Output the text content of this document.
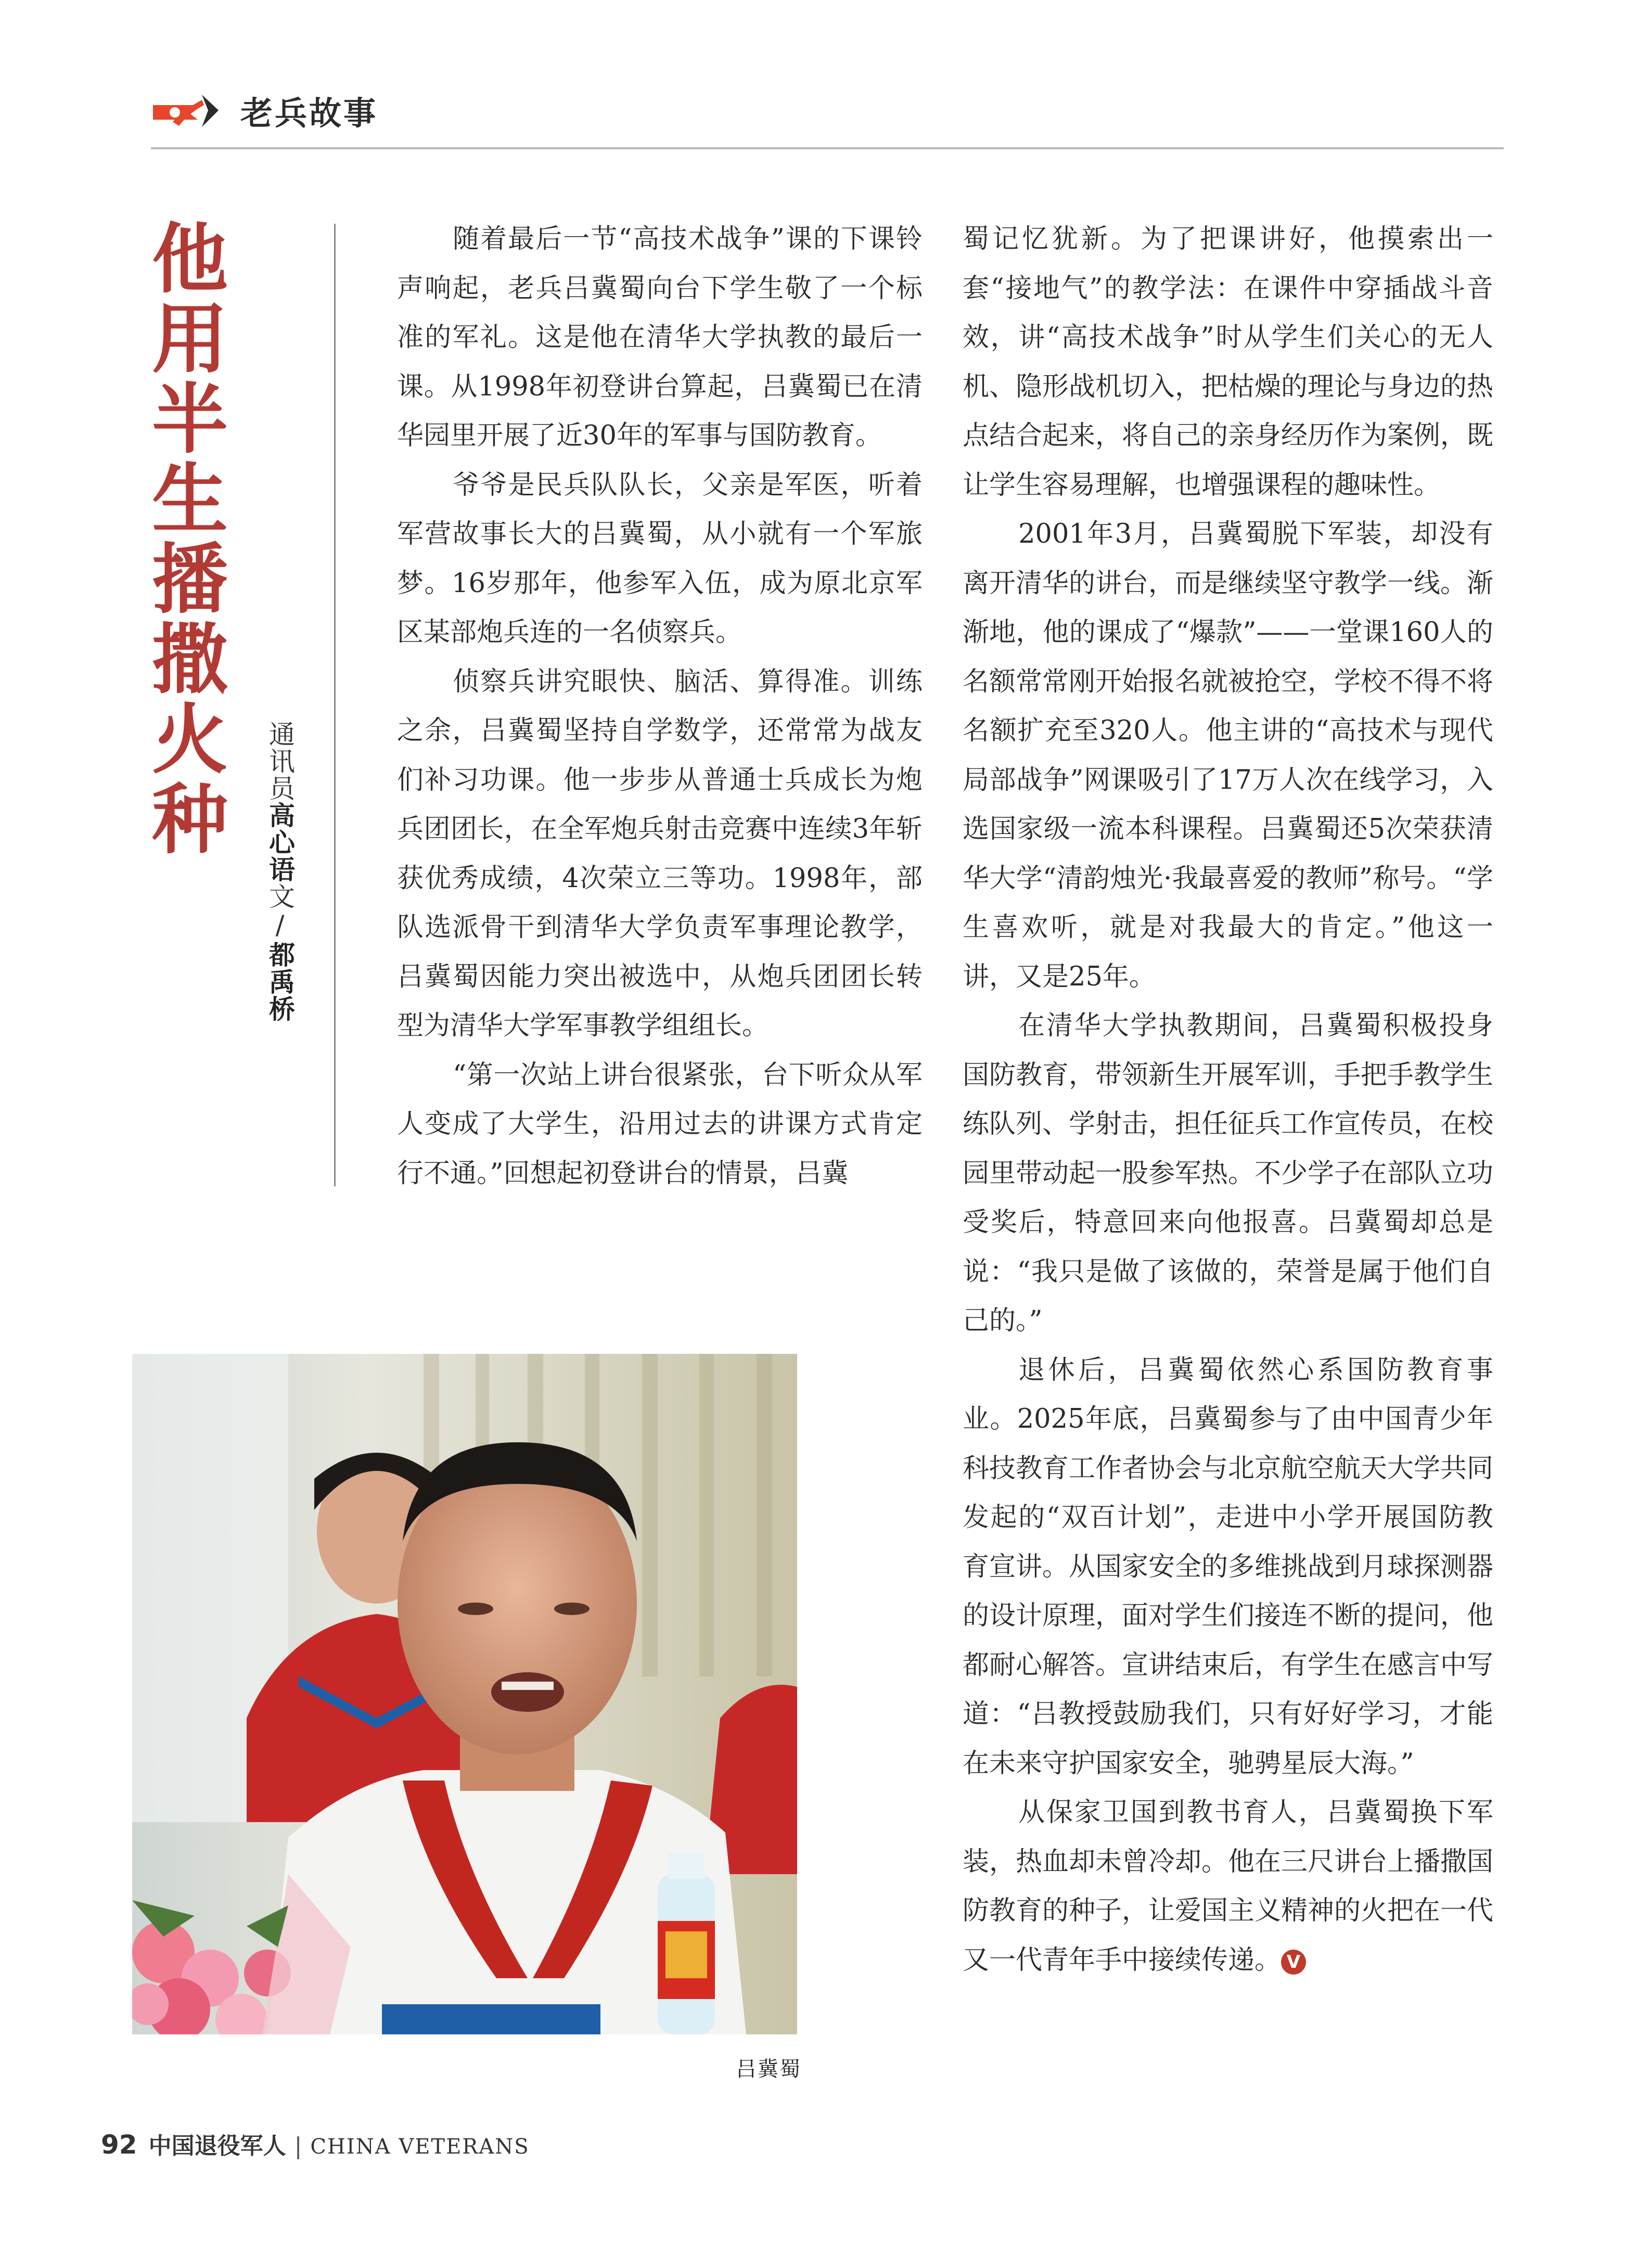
老兵故事
他用半生播撒火种 通讯员高心语文/都禹桥

随着最后一节“高技术战争”课的下课铃声响起，老兵吕冀蜀向台下学生敬了一个标准的军礼。这是他在清华大学执教的最后一课。从1998年初登讲台算起，吕冀蜀已在清华园里开展了近30年的军事与国防教育。

爷爷是民兵队队长，父亲是军医，听着军营故事长大的吕冀蜀，从小就有一个军旅梦。16岁那年，他参军入伍，成为原北京军区某部炮兵连的一名侦察兵。

侦察兵讲究眼快、脑活、算得准。训练之余，吕冀蜀坚持自学数学，还常常为战友们补习功课。他一步步从普通士兵成长为炮兵团团长，在全军炮兵射击竞赛中连续3年斩获优秀成绩，4次荣立三等功。1998年，部队选派骨干到清华大学负责军事理论教学，吕冀蜀因能力突出被选中，从炮兵团团长转型为清华大学军事教学组组长。

“第一次站上讲台很紧张，台下听众从军人变成了大学生，沿用过去的讲课方式肯定行不通。”回想起初登讲台的情景，吕冀

蜀记忆犹新。为了把课讲好，他摸索出一套“接地气”的教学法：在课件中穿插战斗音效，讲“高技术战争”时从学生们关心的无人机、隐形战机切入，把枯燥的理论与身边的热点结合起来，将自己的亲身经历作为案例，既让学生容易理解，也增强课程的趣味性。

2001年3月，吕冀蜀脱下军装，却没有离开清华的讲台，而是继续坚守教学一线。渐渐地，他的课成了“爆款”——一堂课160人的名额常常刚开始报名就被抢空，学校不得不将名额扩充至320人。他主讲的“高技术与现代局部战争”网课吸引了17万人次在线学习，入选国家级一流本科课程。吕冀蜀还5次荣获清华大学“清韵烛光·我最喜爱的教师”称号。“学生喜欢听，就是对我最大的肯定。”他这一讲，又是25年。

在清华大学执教期间，吕冀蜀积极投身国防教育，带领新生开展军训，手把手教学生练队列、学射击，担任征兵工作宣传员，在校园里带动起一股参军热。不少学子在部队立功受奖后，特意回来向他报喜。吕冀蜀却总是说：“我只是做了该做的，荣誉是属于他们自己的。”

退休后，吕冀蜀依然心系国防教育事业。2025年底，吕冀蜀参与了由中国青少年科技教育工作者协会与北京航空航天大学共同发起的“双百计划”，走进中小学开展国防教育宣讲。从国家安全的多维挑战到月球探测器的设计原理，面对学生们接连不断的提问，他都耐心解答。宣讲结束后，有学生在感言中写道：“吕教授鼓励我们，只有好好学习，才能在未来守护国家安全，驰骋星辰大海。”

从保家卫国到教书育人，吕冀蜀换下军装，热血却未曾冷却。他在三尺讲台上播撒国防教育的种子，让爱国主义精神的火把在一代又一代青年手中接续传递。 V

吕冀蜀
92 中国退役军人 | CHINA VETERANS
